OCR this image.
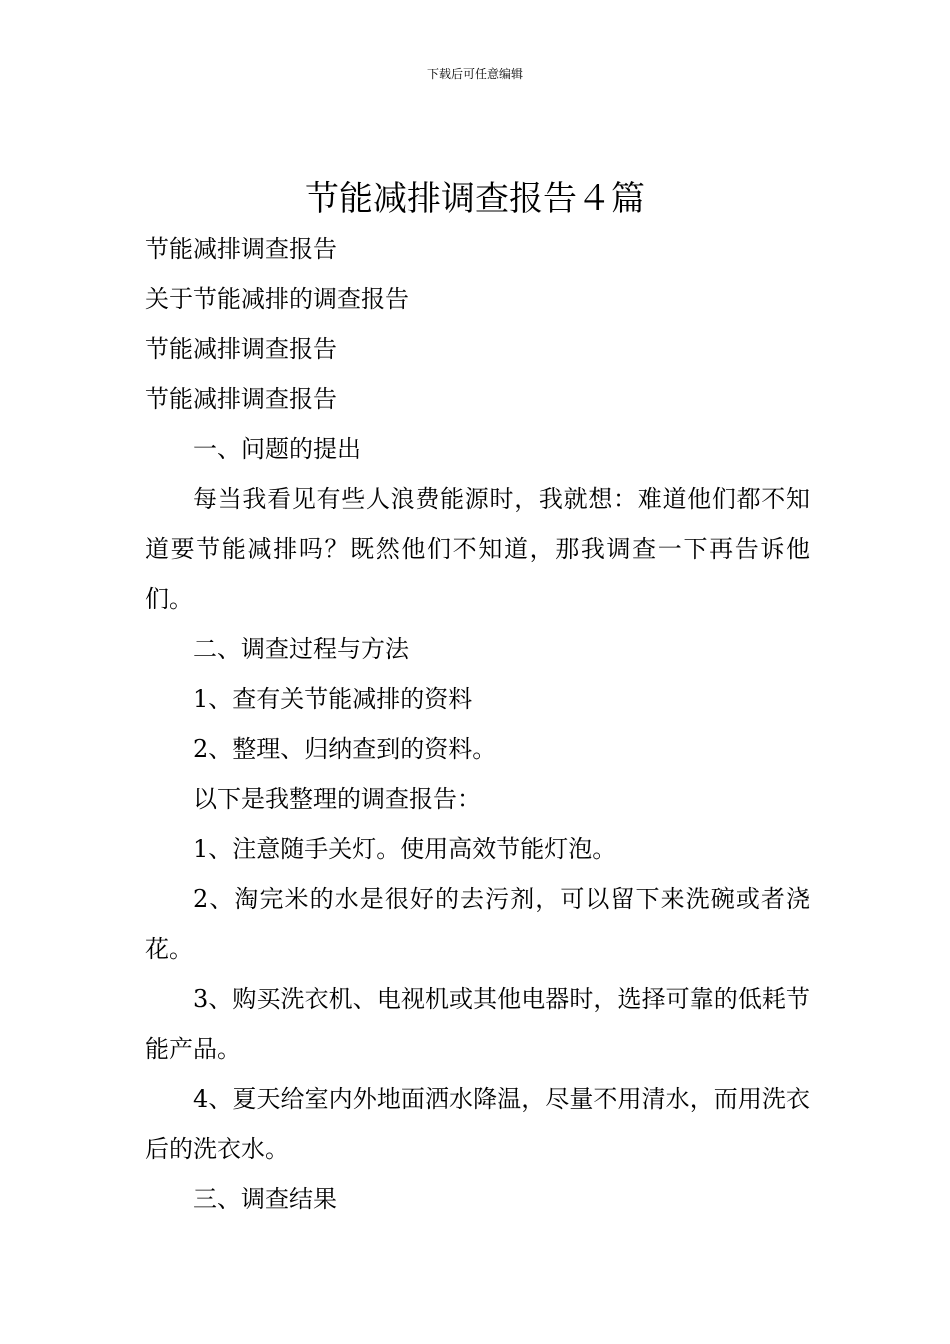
下载后可任意编辑
节能减排调查报告４篇

节能减排调查报告

关于节能减排的调查报告

节能减排调查报告

节能减排调查报告

一、问题的提出

每当我看见有些人浪费能源时，我就想：难道他们都不知道要节能减排吗？既然他们不知道，那我调查一下再告诉他们。

二、调查过程与方法

1、查有关节能减排的资料

2、整理、归纳查到的资料。

以下是我整理的调查报告：

1、注意随手关灯。使用高效节能灯泡。

2、淘完米的水是很好的去污剂，可以留下来洗碗或者浇花。

3、购买洗衣机、电视机或其他电器时，选择可靠的低耗节能产品。

4、夏天给室内外地面洒水降温，尽量不用清水，而用洗衣后的洗衣水。

三、调查结果
